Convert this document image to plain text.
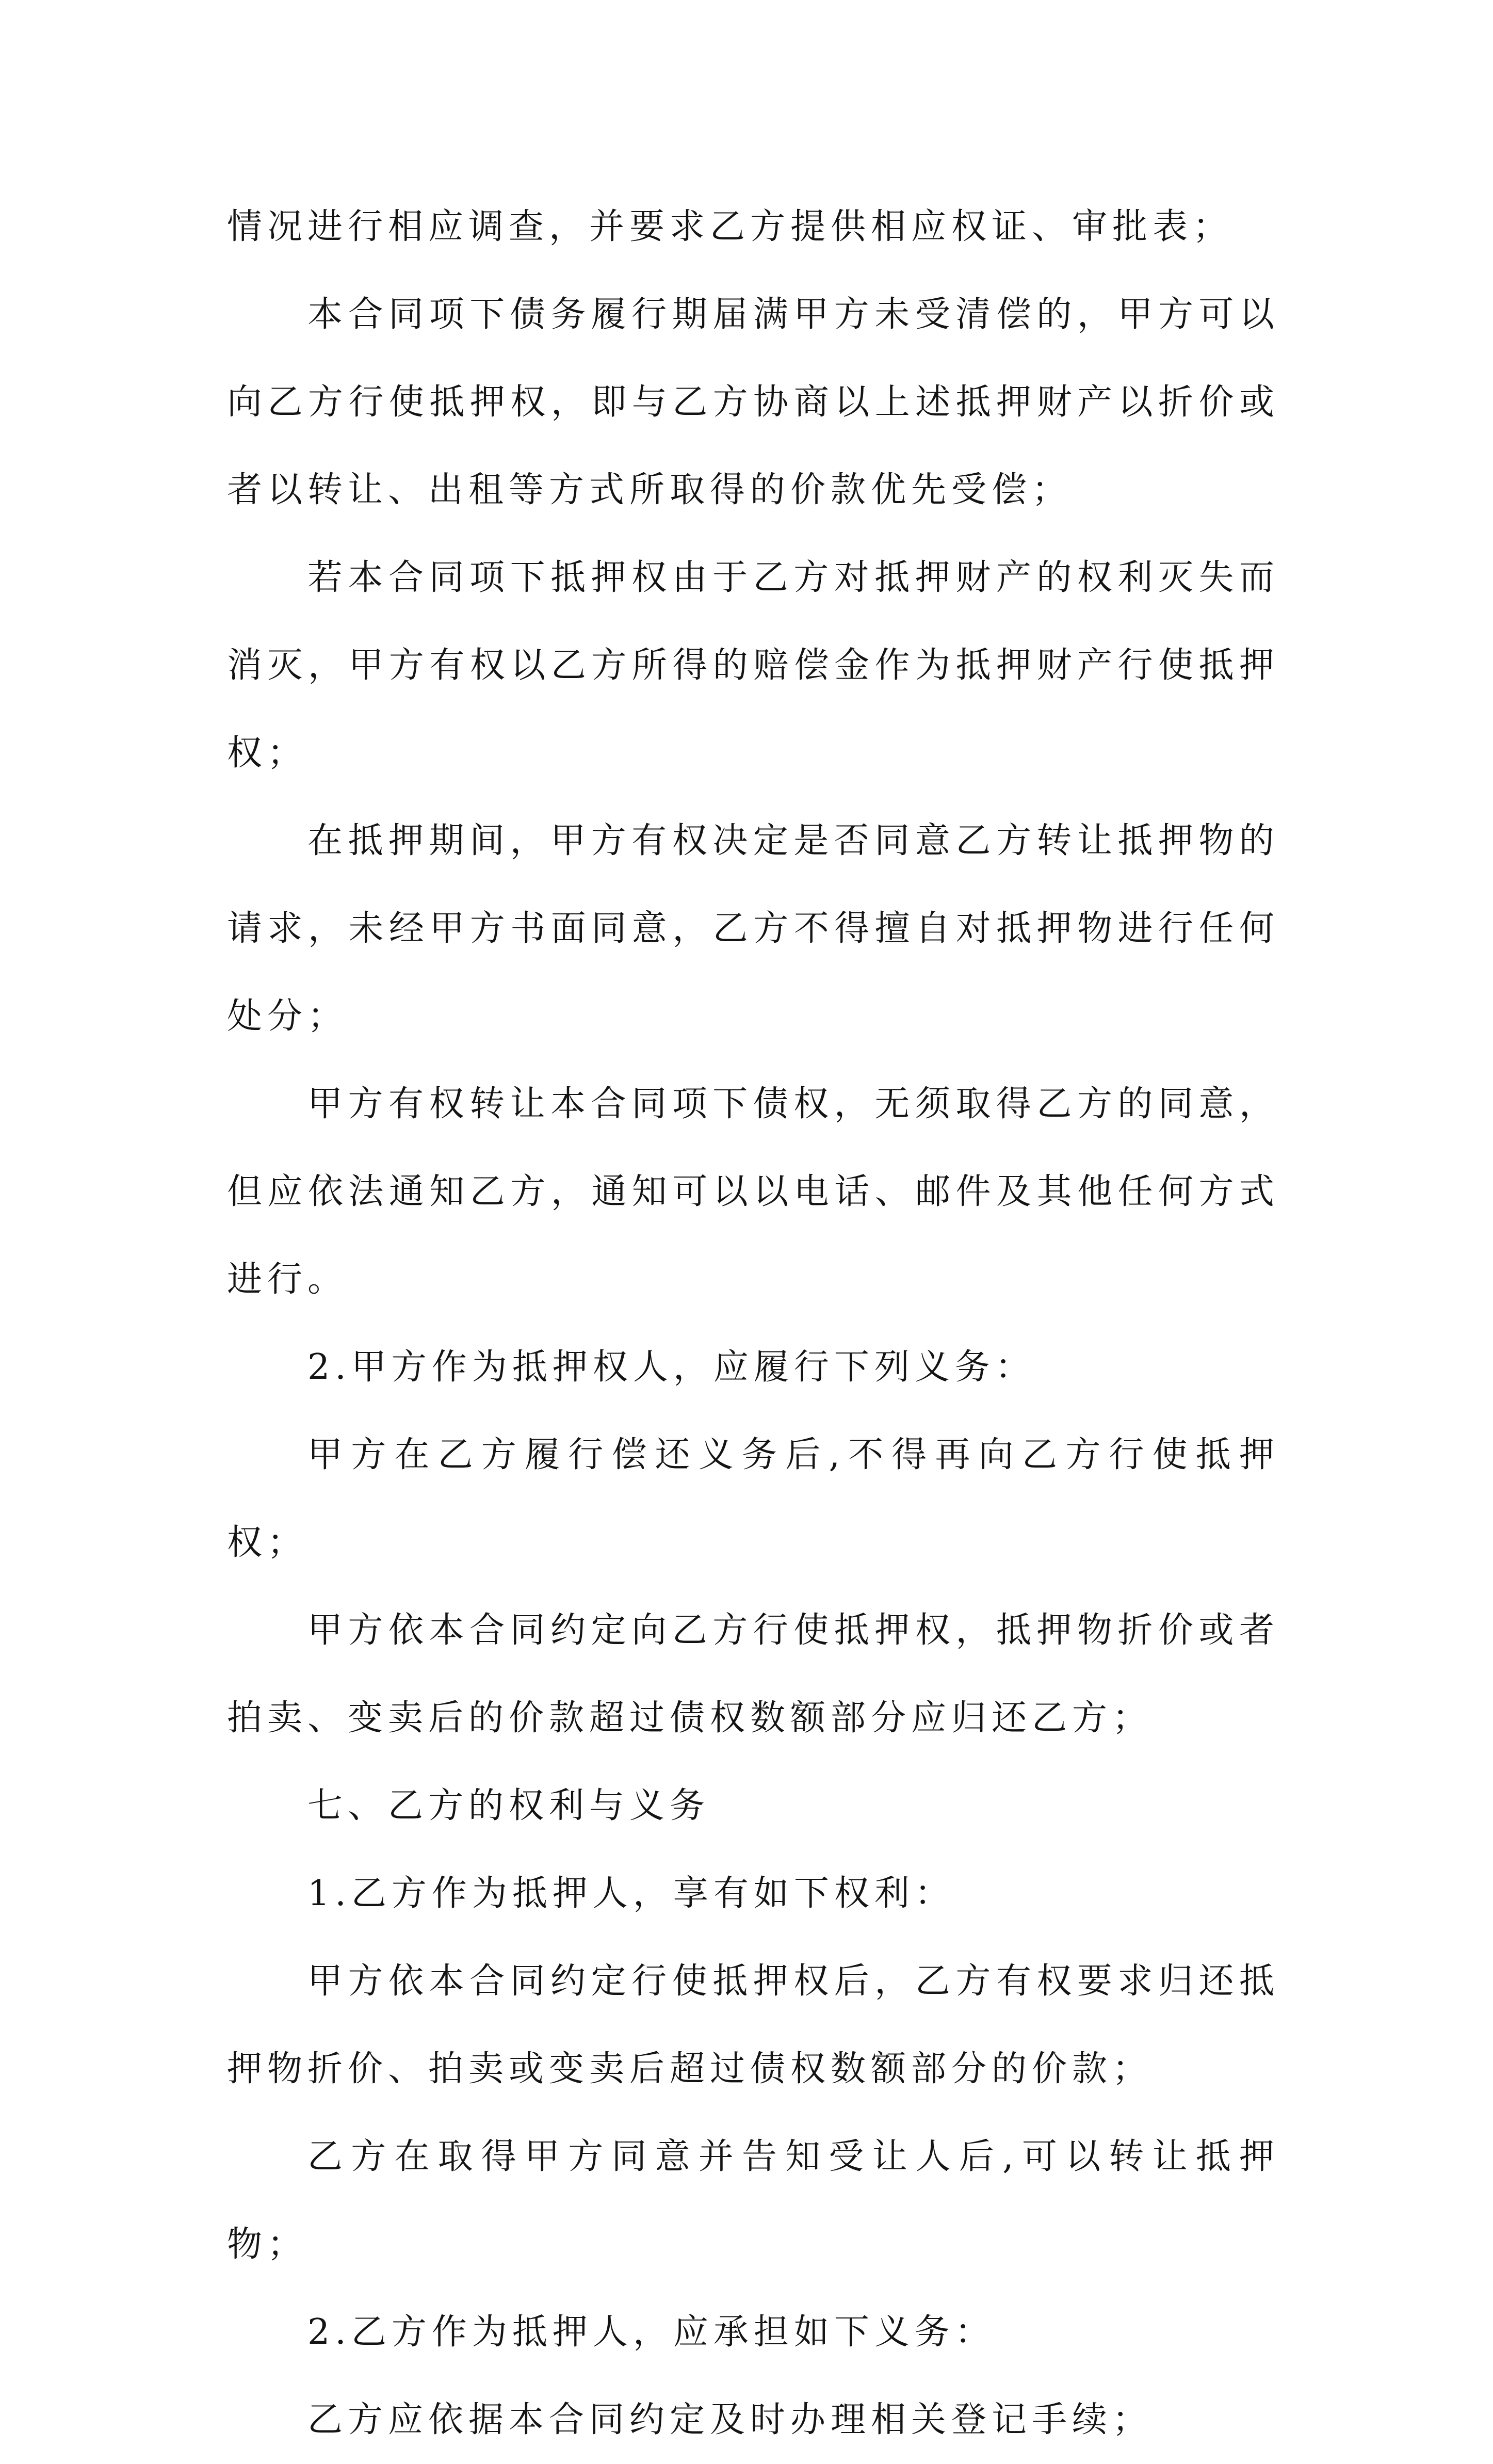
情况进行相应调查，并要求乙方提供相应权证、审批表；

本合同项下债务履行期届满甲方未受清偿的，甲方可以向乙方行使抵押权，即与乙方协商以上述抵押财产以折价或者以转让、出租等方式所取得的价款优先受偿；

若本合同项下抵押权由于乙方对抵押财产的权利灭失而消灭，甲方有权以乙方所得的赔偿金作为抵押财产行使抵押权；

在抵押期间，甲方有权决定是否同意乙方转让抵押物的请求，未经甲方书面同意，乙方不得擅自对抵押物进行任何处分；

甲方有权转让本合同项下债权，无须取得乙方的同意，但应依法通知乙方，通知可以以电话、邮件及其他任何方式进行。

2.甲方作为抵押权人，应履行下列义务：

甲方在乙方履行偿还义务后,不得再向乙方行使抵押权；

甲方依本合同约定向乙方行使抵押权，抵押物折价或者拍卖、变卖后的价款超过债权数额部分应归还乙方；

七、乙方的权利与义务

1.乙方作为抵押人，享有如下权利：

甲方依本合同约定行使抵押权后，乙方有权要求归还抵押物折价、拍卖或变卖后超过债权数额部分的价款；

乙方在取得甲方同意并告知受让人后,可以转让抵押物；

2.乙方作为抵押人，应承担如下义务：

乙方应依据本合同约定及时办理相关登记手续；
